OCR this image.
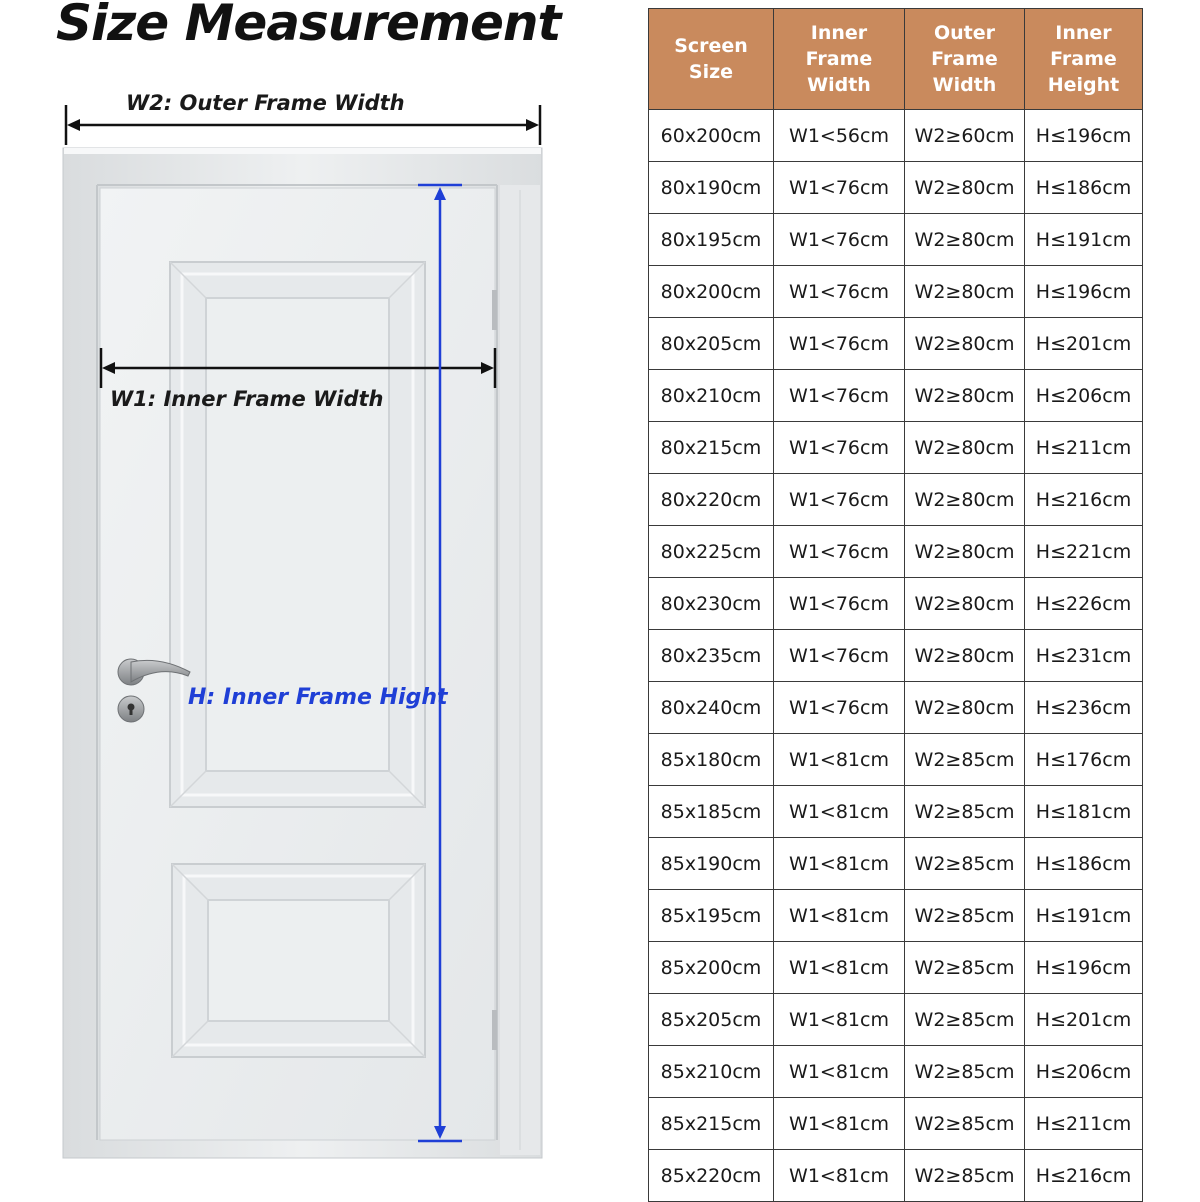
Size Measurement
W2: Outer Frame Width
W1: Inner Frame Width
H: Inner Frame Hight
Screen Size	Inner Frame Width	Outer Frame Width	Inner Frame Height
60x200cm	W1<56cm	W2≥60cm	H≤196cm
80x190cm	W1<76cm	W2≥80cm	H≤186cm
80x195cm	W1<76cm	W2≥80cm	H≤191cm
80x200cm	W1<76cm	W2≥80cm	H≤196cm
80x205cm	W1<76cm	W2≥80cm	H≤201cm
80x210cm	W1<76cm	W2≥80cm	H≤206cm
80x215cm	W1<76cm	W2≥80cm	H≤211cm
80x220cm	W1<76cm	W2≥80cm	H≤216cm
80x225cm	W1<76cm	W2≥80cm	H≤221cm
80x230cm	W1<76cm	W2≥80cm	H≤226cm
80x235cm	W1<76cm	W2≥80cm	H≤231cm
80x240cm	W1<76cm	W2≥80cm	H≤236cm
85x180cm	W1<81cm	W2≥85cm	H≤176cm
85x185cm	W1<81cm	W2≥85cm	H≤181cm
85x190cm	W1<81cm	W2≥85cm	H≤186cm
85x195cm	W1<81cm	W2≥85cm	H≤191cm
85x200cm	W1<81cm	W2≥85cm	H≤196cm
85x205cm	W1<81cm	W2≥85cm	H≤201cm
85x210cm	W1<81cm	W2≥85cm	H≤206cm
85x215cm	W1<81cm	W2≥85cm	H≤211cm
85x220cm	W1<81cm	W2≥85cm	H≤216cm
